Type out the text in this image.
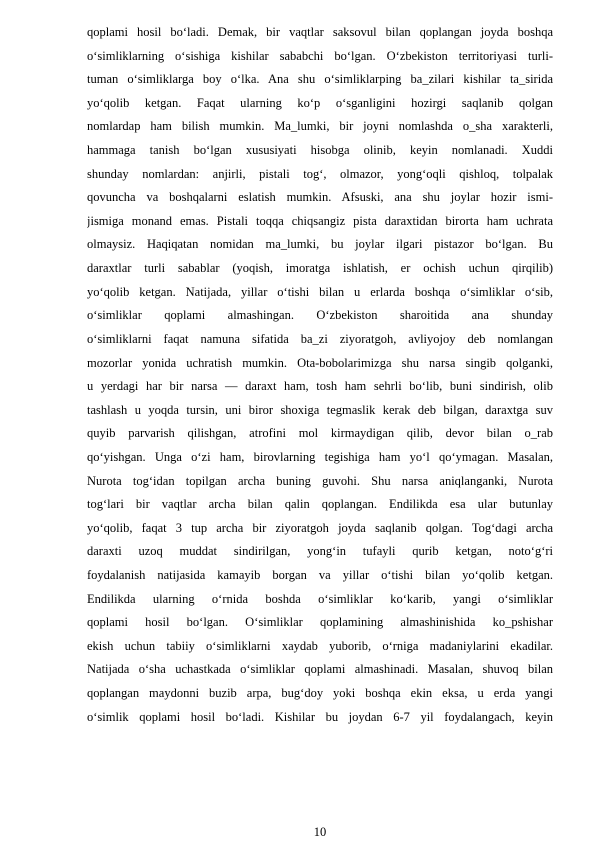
qoplami hosil bo‘ladi. Demak, bir vaqtlar saksovul bilan qoplangan joyda boshqa
o‘simliklarning o‘sishiga kishilar sababchi bo‘lgan. O‘zbekiston territoriyasi turli-
tuman o‘simliklarga boy o‘lka. Ana shu o‘simliklarping ba_zilari kishilar ta_sirida
yo‘qolib ketgan. Faqat ularning ko‘p o‘sganligini hozirgi saqlanib qolgan
nomlardap ham bilish mumkin. Ma_lumki, bir joyni nomlashda o_sha xarakterli,
hammaga tanish bo‘lgan xususiyati hisobga olinib, keyin nomlanadi. Xuddi
shunday nomlardan: anjirli, pistali tog‘, olmazor, yong‘oqli qishloq, tolpalak
qovuncha va boshqalarni eslatish mumkin. Afsuski, ana shu joylar hozir ismi-
jismiga monand emas. Pistali toqqa chiqsangiz pista daraxtidan birorta ham uchrata
olmaysiz. Haqiqatan nomidan ma_lumki, bu joylar ilgari pistazor bo‘lgan. Bu
daraxtlar turli sabablar (yoqish, imoratga ishlatish, er ochish uchun qirqilib)
yo‘qolib ketgan. Natijada, yillar o‘tishi bilan u erlarda boshqa o‘simliklar o‘sib,
o‘simliklar qoplami almashingan. O‘zbekiston sharoitida ana shunday
o‘simliklarni faqat namuna sifatida ba_zi ziyoratgoh, avliyojoy deb nomlangan
mozorlar yonida uchratish mumkin. Ota-bobolarimizga shu narsa singib qolganki,
u yerdagi har bir narsa — daraxt ham, tosh ham sehrli bo‘lib, buni sindirish, olib
tashlash u yoqda tursin, uni biror shoxiga tegmaslik kerak deb bilgan, daraxtga suv
quyib parvarish qilishgan, atrofini mol kirmaydigan qilib, devor bilan o_rab
qo‘yishgan. Unga o‘zi ham, birovlarning tegishiga ham yo‘l qo‘ymagan. Masalan,
Nurota tog‘idan topilgan archa buning guvohi. Shu narsa aniqlanganki, Nurota
tog‘lari bir vaqtlar archa bilan qalin qoplangan. Endilikda esa ular butunlay
yo‘qolib, faqat 3 tup archa bir ziyoratgoh joyda saqlanib qolgan. Tog‘dagi archa
daraxti uzoq muddat sindirilgan, yong‘in tufayli qurib ketgan, noto‘g‘ri
foydalanish natijasida kamayib borgan va yillar o‘tishi bilan yo‘qolib ketgan.
Endilikda ularning o‘rnida boshda o‘simliklar ko‘karib, yangi o‘simliklar
qoplami hosil bo‘lgan. O‘simliklar qoplamining almashinishida ko_pshishar
ekish uchun tabiiy o‘simliklarni xaydab yuborib, o‘rniga madaniylarini ekadilar.
Natijada o‘sha uchastkada o‘simliklar qoplami almashinadi. Masalan, shuvoq bilan
qoplangan maydonni buzib arpa, bug‘doy yoki boshqa ekin eksa, u erda yangi
o‘simlik qoplami hosil bo‘ladi. Kishilar bu joydan 6-7 yil foydalangach, keyin
10
